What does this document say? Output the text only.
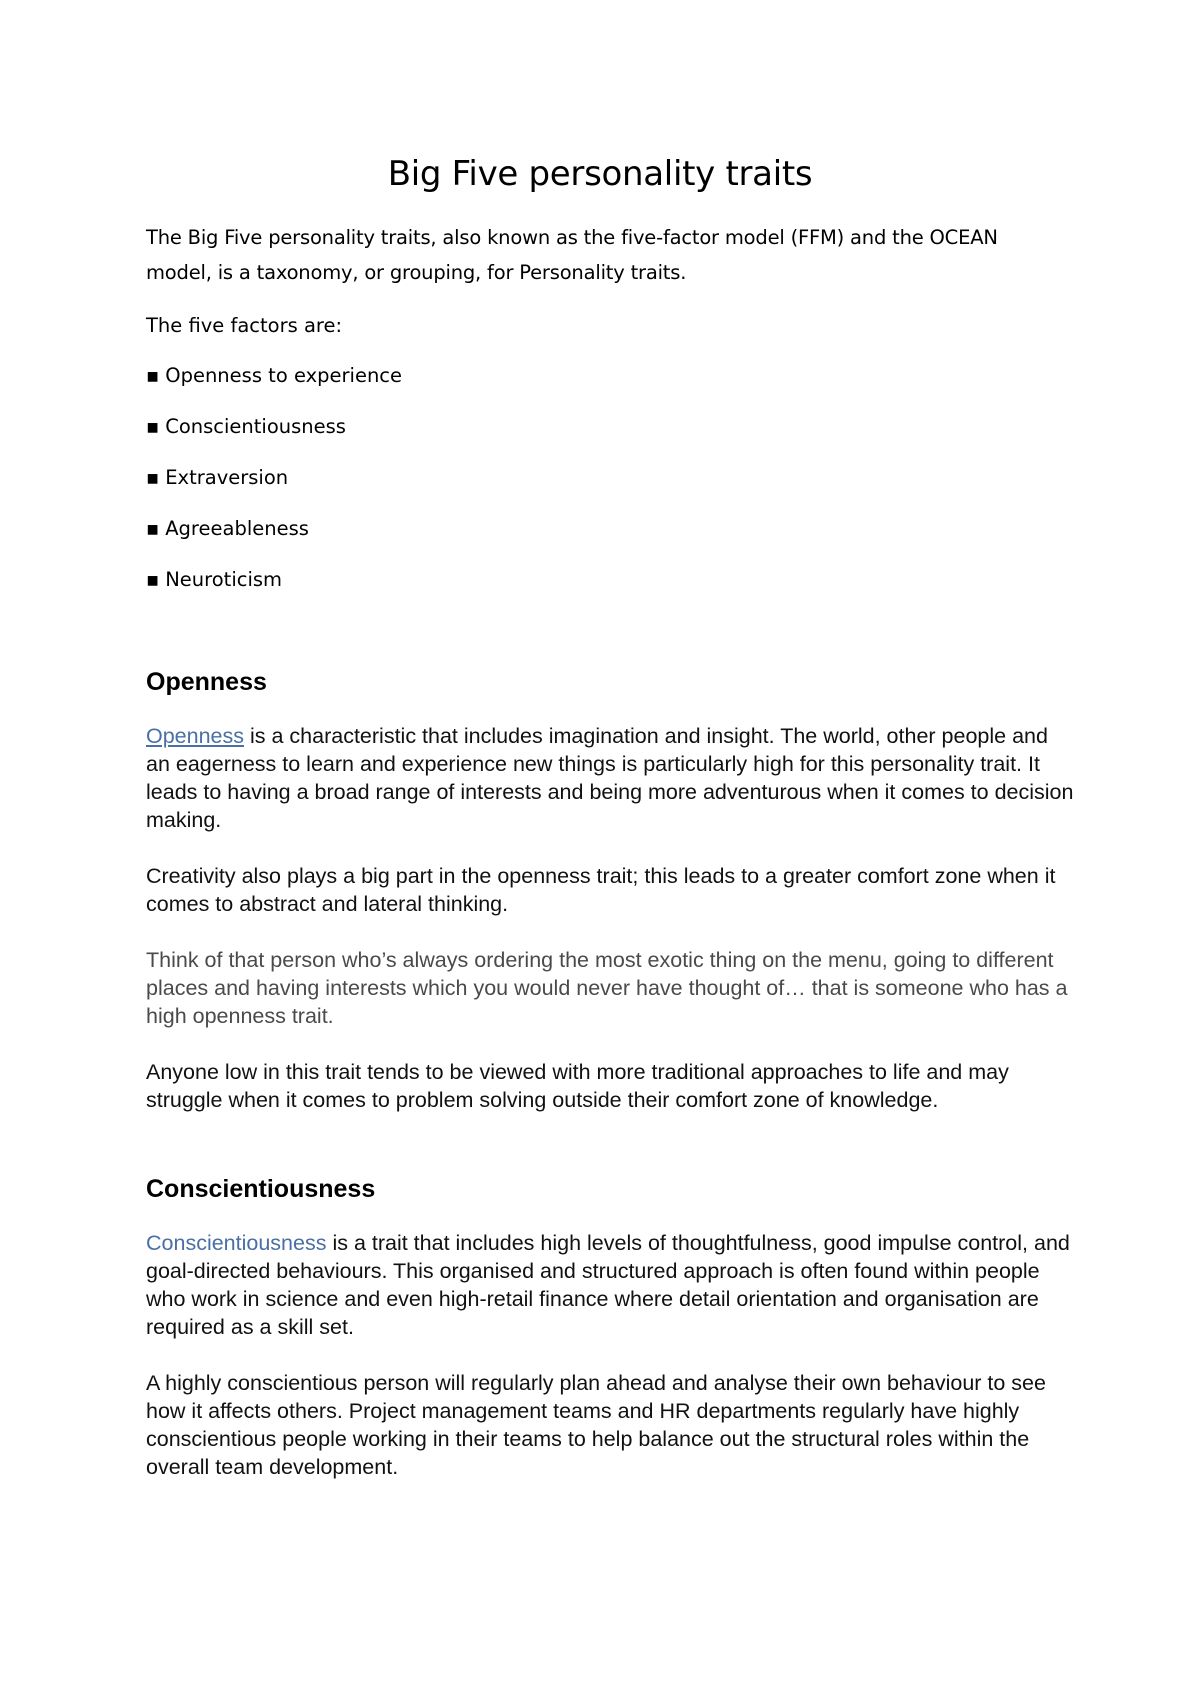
Big Five personality traits

The Big Five personality traits, also known as the five-factor model (FFM) and the OCEAN model, is a taxonomy, or grouping, for Personality traits.

The five factors are:

▪ Openness to experience
▪ Conscientiousness
▪ Extraversion
▪ Agreeableness
▪ Neuroticism
Openness

Openness is a characteristic that includes imagination and insight. The world, other people and an eagerness to learn and experience new things is particularly high for this personality trait. It leads to having a broad range of interests and being more adventurous when it comes to decision making.

Creativity also plays a big part in the openness trait; this leads to a greater comfort zone when it comes to abstract and lateral thinking.

Think of that person who’s always ordering the most exotic thing on the menu, going to different places and having interests which you would never have thought of… that is someone who has a high openness trait.

Anyone low in this trait tends to be viewed with more traditional approaches to life and may struggle when it comes to problem solving outside their comfort zone of knowledge.

Conscientiousness

Conscientiousness is a trait that includes high levels of thoughtfulness, good impulse control, and goal-directed behaviours. This organised and structured approach is often found within people who work in science and even high-retail finance where detail orientation and organisation are required as a skill set.

A highly conscientious person will regularly plan ahead and analyse their own behaviour to see how it affects others. Project management teams and HR departments regularly have highly conscientious people working in their teams to help balance out the structural roles within the overall team development.
